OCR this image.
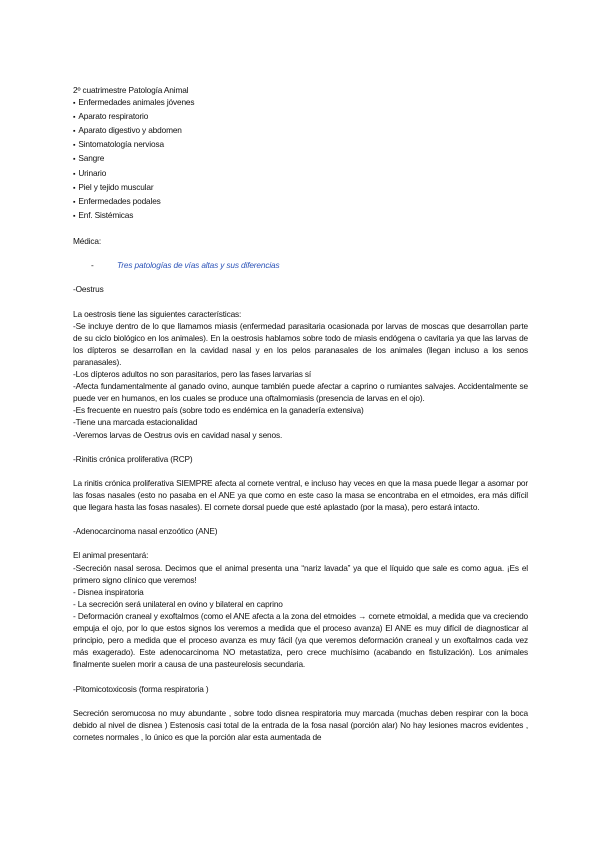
2º cuatrimestre Patología Animal

▪ Enfermedades animales jóvenes

▪ Aparato respiratorio

▪ Aparato digestivo y abdomen

▪ Sintomatología nerviosa

▪ Sangre

▪ Urinario

▪ Piel y tejido muscular

▪ Enfermedades podales

▪ Enf. Sistémicas

Médica:

-	Tres patologías de vías altas y sus diferencias

-Oestrus

La oestrosis tiene las siguientes características:

-Se incluye dentro de lo que llamamos miasis (enfermedad parasitaria ocasionada por larvas de moscas que desarrollan parte de su ciclo biológico en los animales). En la oestrosis hablamos sobre todo de miasis endógena o cavitaria ya que las larvas de los dípteros se desarrollan en la cavidad nasal y en los pelos paranasales de los animales (llegan incluso a los senos paranasales).

-Los dípteros adultos no son parasitarios, pero las fases larvarias sí

-Afecta fundamentalmente al ganado ovino, aunque también puede afectar a caprino o rumiantes salvajes. Accidentalmente se puede ver en humanos, en los cuales se produce una oftalmomiasis (presencia de larvas en el ojo).

-Es frecuente en nuestro país (sobre todo es endémica en la ganadería extensiva)

-Tiene una marcada estacionalidad

-Veremos larvas de Oestrus ovis en cavidad nasal y senos.

-Rinitis crónica proliferativa (RCP)

La rinitis crónica proliferativa SIEMPRE afecta al cornete ventral, e incluso hay veces en que la masa puede llegar a asomar por las fosas nasales (esto no pasaba en el ANE ya que como en este caso la masa se encontraba en el etmoides, era más difícil que llegara hasta las fosas nasales). El cornete dorsal puede que esté aplastado (por la masa), pero estará intacto.

-Adenocarcinoma nasal enzoótico (ANE)

El animal presentará:

-Secreción nasal serosa. Decimos que el animal presenta una “nariz lavada” ya que el líquido que sale es como agua. ¡Es el primero signo clínico que veremos!

- Disnea inspiratoria

- La secreción será unilateral en ovino y bilateral en caprino

- Deformación craneal y exoftalmos (como el ANE afecta a la zona del etmoides → cornete etmoidal, a medida que va creciendo empuja el ojo, por lo que estos signos los veremos a medida que el proceso avanza) El ANE es muy difícil de diagnosticar al principio, pero a medida que el proceso avanza es muy fácil (ya que veremos deformación craneal y un exoftalmos cada vez más exagerado). Este adenocarcinoma NO metastatiza, pero crece muchísimo (acabando en fistulización). Los animales finalmente suelen morir a causa de una pasteurelosis secundaria.

-Pitomicotoxicosis (forma respiratoria )

Secreción seromucosa no muy abundante , sobre todo disnea respiratoria muy marcada (muchas deben respirar con la boca debido al nivel de disnea ) Estenosis casi total de la entrada de la fosa nasal (porción alar) No hay lesiones macros evidentes , cornetes normales , lo único es que la porción alar esta aumentada de
